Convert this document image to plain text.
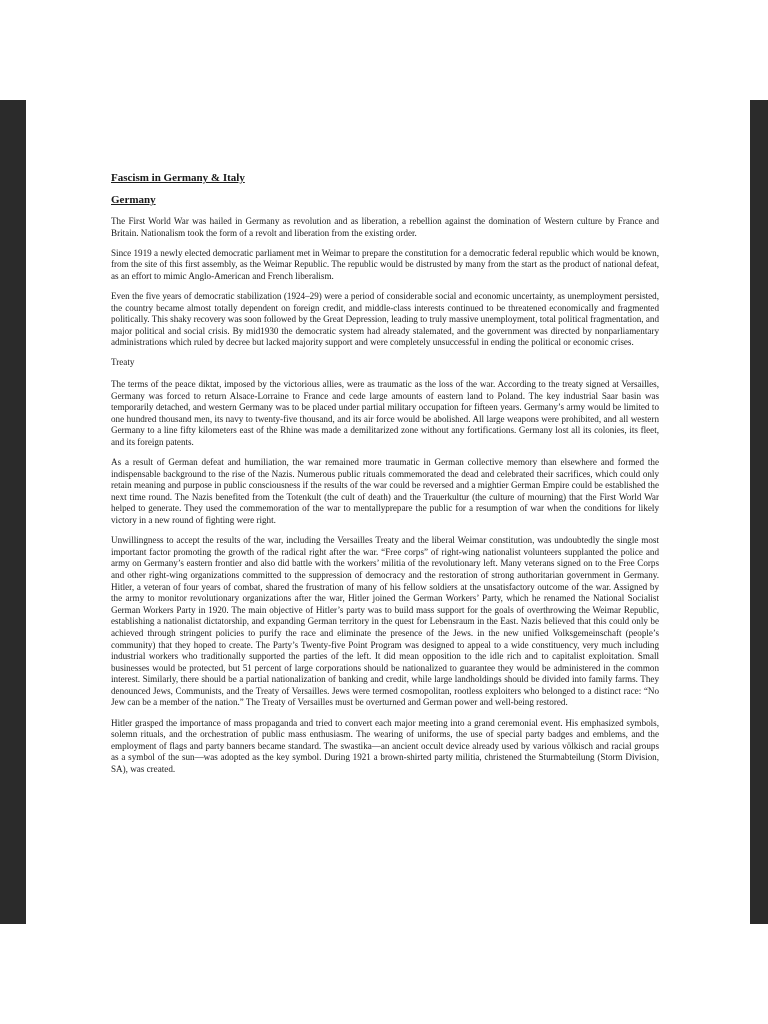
Fascism in Germany & Italy
Germany

The First World War was hailed in Germany as revolution and as liberation, a rebellion against the domination of Western culture by France and Britain. Nationalism took the form of a revolt and liberation from the existing order.

Since 1919 a newly elected democratic parliament met in Weimar to prepare the constitution for a democratic federal republic which would be known, from the site of this first assembly, as the Weimar Republic. The republic would be distrusted by many from the start as the product of national defeat, as an effort to mimic Anglo-American and French liberalism.

Even the five years of democratic stabilization (1924–29) were a period of considerable social and economic uncertainty, as unemployment persisted, the country became almost totally dependent on foreign credit, and middle-class interests continued to be threatened economically and fragmented politically. This shaky recovery was soon followed by the Great Depression, leading to truly massive unemployment, total political fragmentation, and major political and social crisis. By mid1930 the democratic system had already stalemated, and the government was directed by nonparliamentary administrations which ruled by decree but lacked majority support and were completely unsuccessful in ending the political or economic crises.

Treaty

The terms of the peace diktat, imposed by the victorious allies, were as traumatic as the loss of the war. According to the treaty signed at Versailles, Germany was forced to return Alsace-Lorraine to France and cede large amounts of eastern land to Poland. The key industrial Saar basin was temporarily detached, and western Germany was to be placed under partial military occupation for fifteen years. Germany’s army would be limited to one hundred thousand men, its navy to twenty-five thousand, and its air force would be abolished. All large weapons were prohibited, and all western Germany to a line fifty kilometers east of the Rhine was made a demilitarized zone without any fortifications. Germany lost all its colonies, its fleet, and its foreign patents.

As a result of German defeat and humiliation, the war remained more traumatic in German collective memory than elsewhere and formed the indispensable background to the rise of the Nazis. Numerous public rituals commemorated the dead and celebrated their sacrifices, which could only retain meaning and purpose in public consciousness if the results of the war could be reversed and a mightier German Empire could be established the next time round. The Nazis benefited from the Totenkult (the cult of death) and the Trauerkultur (the culture of mourning) that the First World War helped to generate. They used the commemoration of the war to mentallyprepare the public for a resumption of war when the conditions for likely victory in a new round of fighting were right.

Unwillingness to accept the results of the war, including the Versailles Treaty and the liberal Weimar constitution, was undoubtedly the single most important factor promoting the growth of the radical right after the war. “Free corps” of right-wing nationalist volunteers supplanted the police and army on Germany’s eastern frontier and also did battle with the workers’ militia of the revolutionary left. Many veterans signed on to the Free Corps and other right-wing organizations committed to the suppression of democracy and the restoration of strong authoritarian government in Germany. Hitler, a veteran of four years of combat, shared the frustration of many of his fellow soldiers at the unsatisfactory outcome of the war. Assigned by the army to monitor revolutionary organizations after the war, Hitler joined the German Workers’ Party, which he renamed the National Socialist German Workers Party in 1920. The main objective of Hitler’s party was to build mass support for the goals of overthrowing the Weimar Republic, establishing a nationalist dictatorship, and expanding German territory in the quest for Lebensraum in the East. Nazis believed that this could only be achieved through stringent policies to purify the race and eliminate the presence of the Jews. in the new unified Volksgemeinschaft (people’s community) that they hoped to create. The Party’s Twenty-five Point Program was designed to appeal to a wide constituency, very much including industrial workers who traditionally supported the parties of the left. It did mean opposition to the idle rich and to capitalist exploitation. Small businesses would be protected, but 51 percent of large corporations should be nationalized to guarantee they would be administered in the common interest. Similarly, there should be a partial nationalization of banking and credit, while large landholdings should be divided into family farms. They denounced Jews, Communists, and the Treaty of Versailles. Jews were termed cosmopolitan, rootless exploiters who belonged to a distinct race: “No Jew can be a member of the nation.” The Treaty of Versailles must be overturned and German power and well-being restored.

Hitler grasped the importance of mass propaganda and tried to convert each major meeting into a grand ceremonial event. His emphasized symbols, solemn rituals, and the orchestration of public mass enthusiasm. The wearing of uniforms, the use of special party badges and emblems, and the employment of flags and party banners became standard. The swastika—an ancient occult device already used by various völkisch and racial groups as a symbol of the sun—was adopted as the key symbol. During 1921 a brown-shirted party militia, christened the Sturmabteilung (Storm Division, SA), was created.
